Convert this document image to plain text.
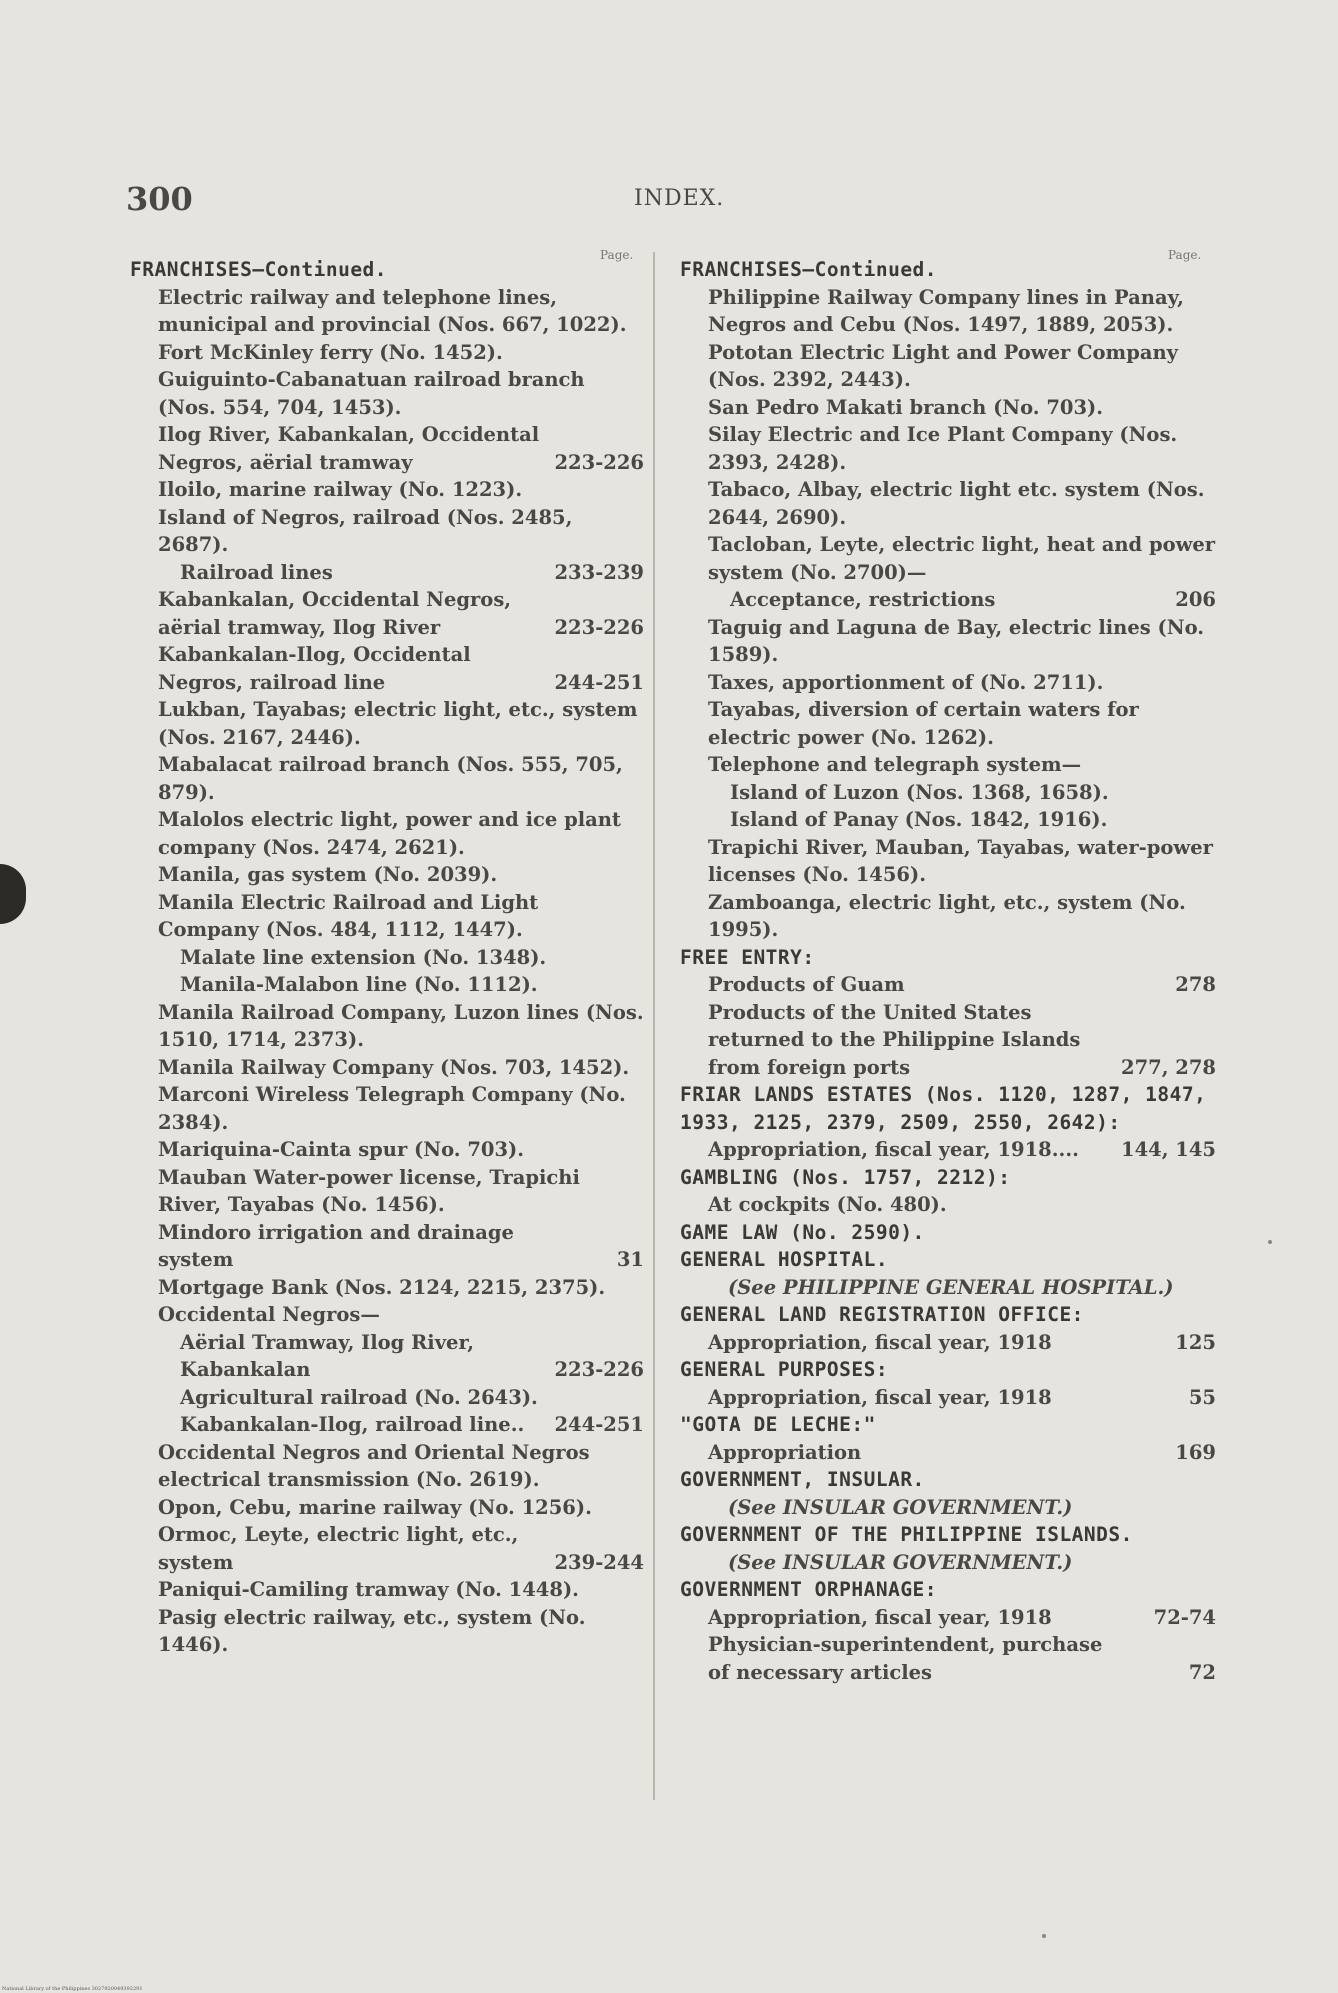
300	INDEX.
Page.	Page.
FRANCHISES—Continued.
Electric railway and telephone lines, municipal and provincial (Nos. 667, 1022).
Fort McKinley ferry (No. 1452).
Guiguinto-Cabanatuan railroad branch (Nos. 554, 704, 1453).
Ilog River, Kabankalan, Occidental Negros, aërial tramway	223-226
Iloilo, marine railway (No. 1223).
Island of Negros, railroad (Nos. 2485, 2687).
Railroad lines	233-239
Kabankalan, Occidental Negros, aërial tramway, Ilog River	223-226
Kabankalan-Ilog, Occidental Negros, railroad line	244-251
Lukban, Tayabas; electric light, etc., system (Nos. 2167, 2446).
Mabalacat railroad branch (Nos. 555, 705, 879).
Malolos electric light, power and ice plant company (Nos. 2474, 2621).
Manila, gas system (No. 2039).
Manila Electric Railroad and Light Company (Nos. 484, 1112, 1447).
Malate line extension (No. 1348).
Manila-Malabon line (No. 1112).
Manila Railroad Company, Luzon lines (Nos. 1510, 1714, 2373).
Manila Railway Company (Nos. 703, 1452).
Marconi Wireless Telegraph Company (No. 2384).
Mariquina-Cainta spur (No. 703).
Mauban Water-power license, Trapichi River, Tayabas (No. 1456).
Mindoro irrigation and drainage system	31
Mortgage Bank (Nos. 2124, 2215, 2375).
Occidental Negros—
Aërial Tramway, Ilog River, Kabankalan	223-226
Agricultural railroad (No. 2643).
Kabankalan-Ilog, railroad line..	244-251
Occidental Negros and Oriental Negros electrical transmission (No. 2619).
Opon, Cebu, marine railway (No. 1256).
Ormoc, Leyte, electric light, etc., system	239-244
Paniqui-Camiling tramway (No. 1448).
Pasig electric railway, etc., system (No. 1446).
FRANCHISES—Continued.
Philippine Railway Company lines in Panay, Negros and Cebu (Nos. 1497, 1889, 2053).
Pototan Electric Light and Power Company (Nos. 2392, 2443).
San Pedro Makati branch (No. 703).
Silay Electric and Ice Plant Company (Nos. 2393, 2428).
Tabaco, Albay, electric light etc. system (Nos. 2644, 2690).
Tacloban, Leyte, electric light, heat and power system (No. 2700)—
Acceptance, restrictions	206
Taguig and Laguna de Bay, electric lines (No. 1589).
Taxes, apportionment of (No. 2711).
Tayabas, diversion of certain waters for electric power (No. 1262).
Telephone and telegraph system—
Island of Luzon (Nos. 1368, 1658).
Island of Panay (Nos. 1842, 1916).
Trapichi River, Mauban, Tayabas, water-power licenses (No. 1456).
Zamboanga, electric light, etc., system (No. 1995).
FREE ENTRY:
Products of Guam	278
Products of the United States returned to the Philippine Islands from foreign ports	277, 278
FRIAR LANDS ESTATES (Nos. 1120, 1287, 1847, 1933, 2125, 2379, 2509, 2550, 2642):
Appropriation, fiscal year, 1918....	144, 145
GAMBLING (Nos. 1757, 2212):
At cockpits (No. 480).
GAME LAW (No. 2590).
GENERAL HOSPITAL.
(See PHILIPPINE GENERAL HOSPITAL.)
GENERAL LAND REGISTRATION OFFICE:
Appropriation, fiscal year, 1918	125
GENERAL PURPOSES:
Appropriation, fiscal year, 1918	55
"GOTA DE LECHE:"
Appropriation	169
GOVERNMENT, INSULAR.
(See INSULAR GOVERNMENT.)
GOVERNMENT OF THE PHILIPPINE ISLANDS.
(See INSULAR GOVERNMENT.)
GOVERNMENT ORPHANAGE:
Appropriation, fiscal year, 1918	72-74
Physician-superintendent, purchase of necessary articles	72
National Library of the Philippines 3027920049392291
